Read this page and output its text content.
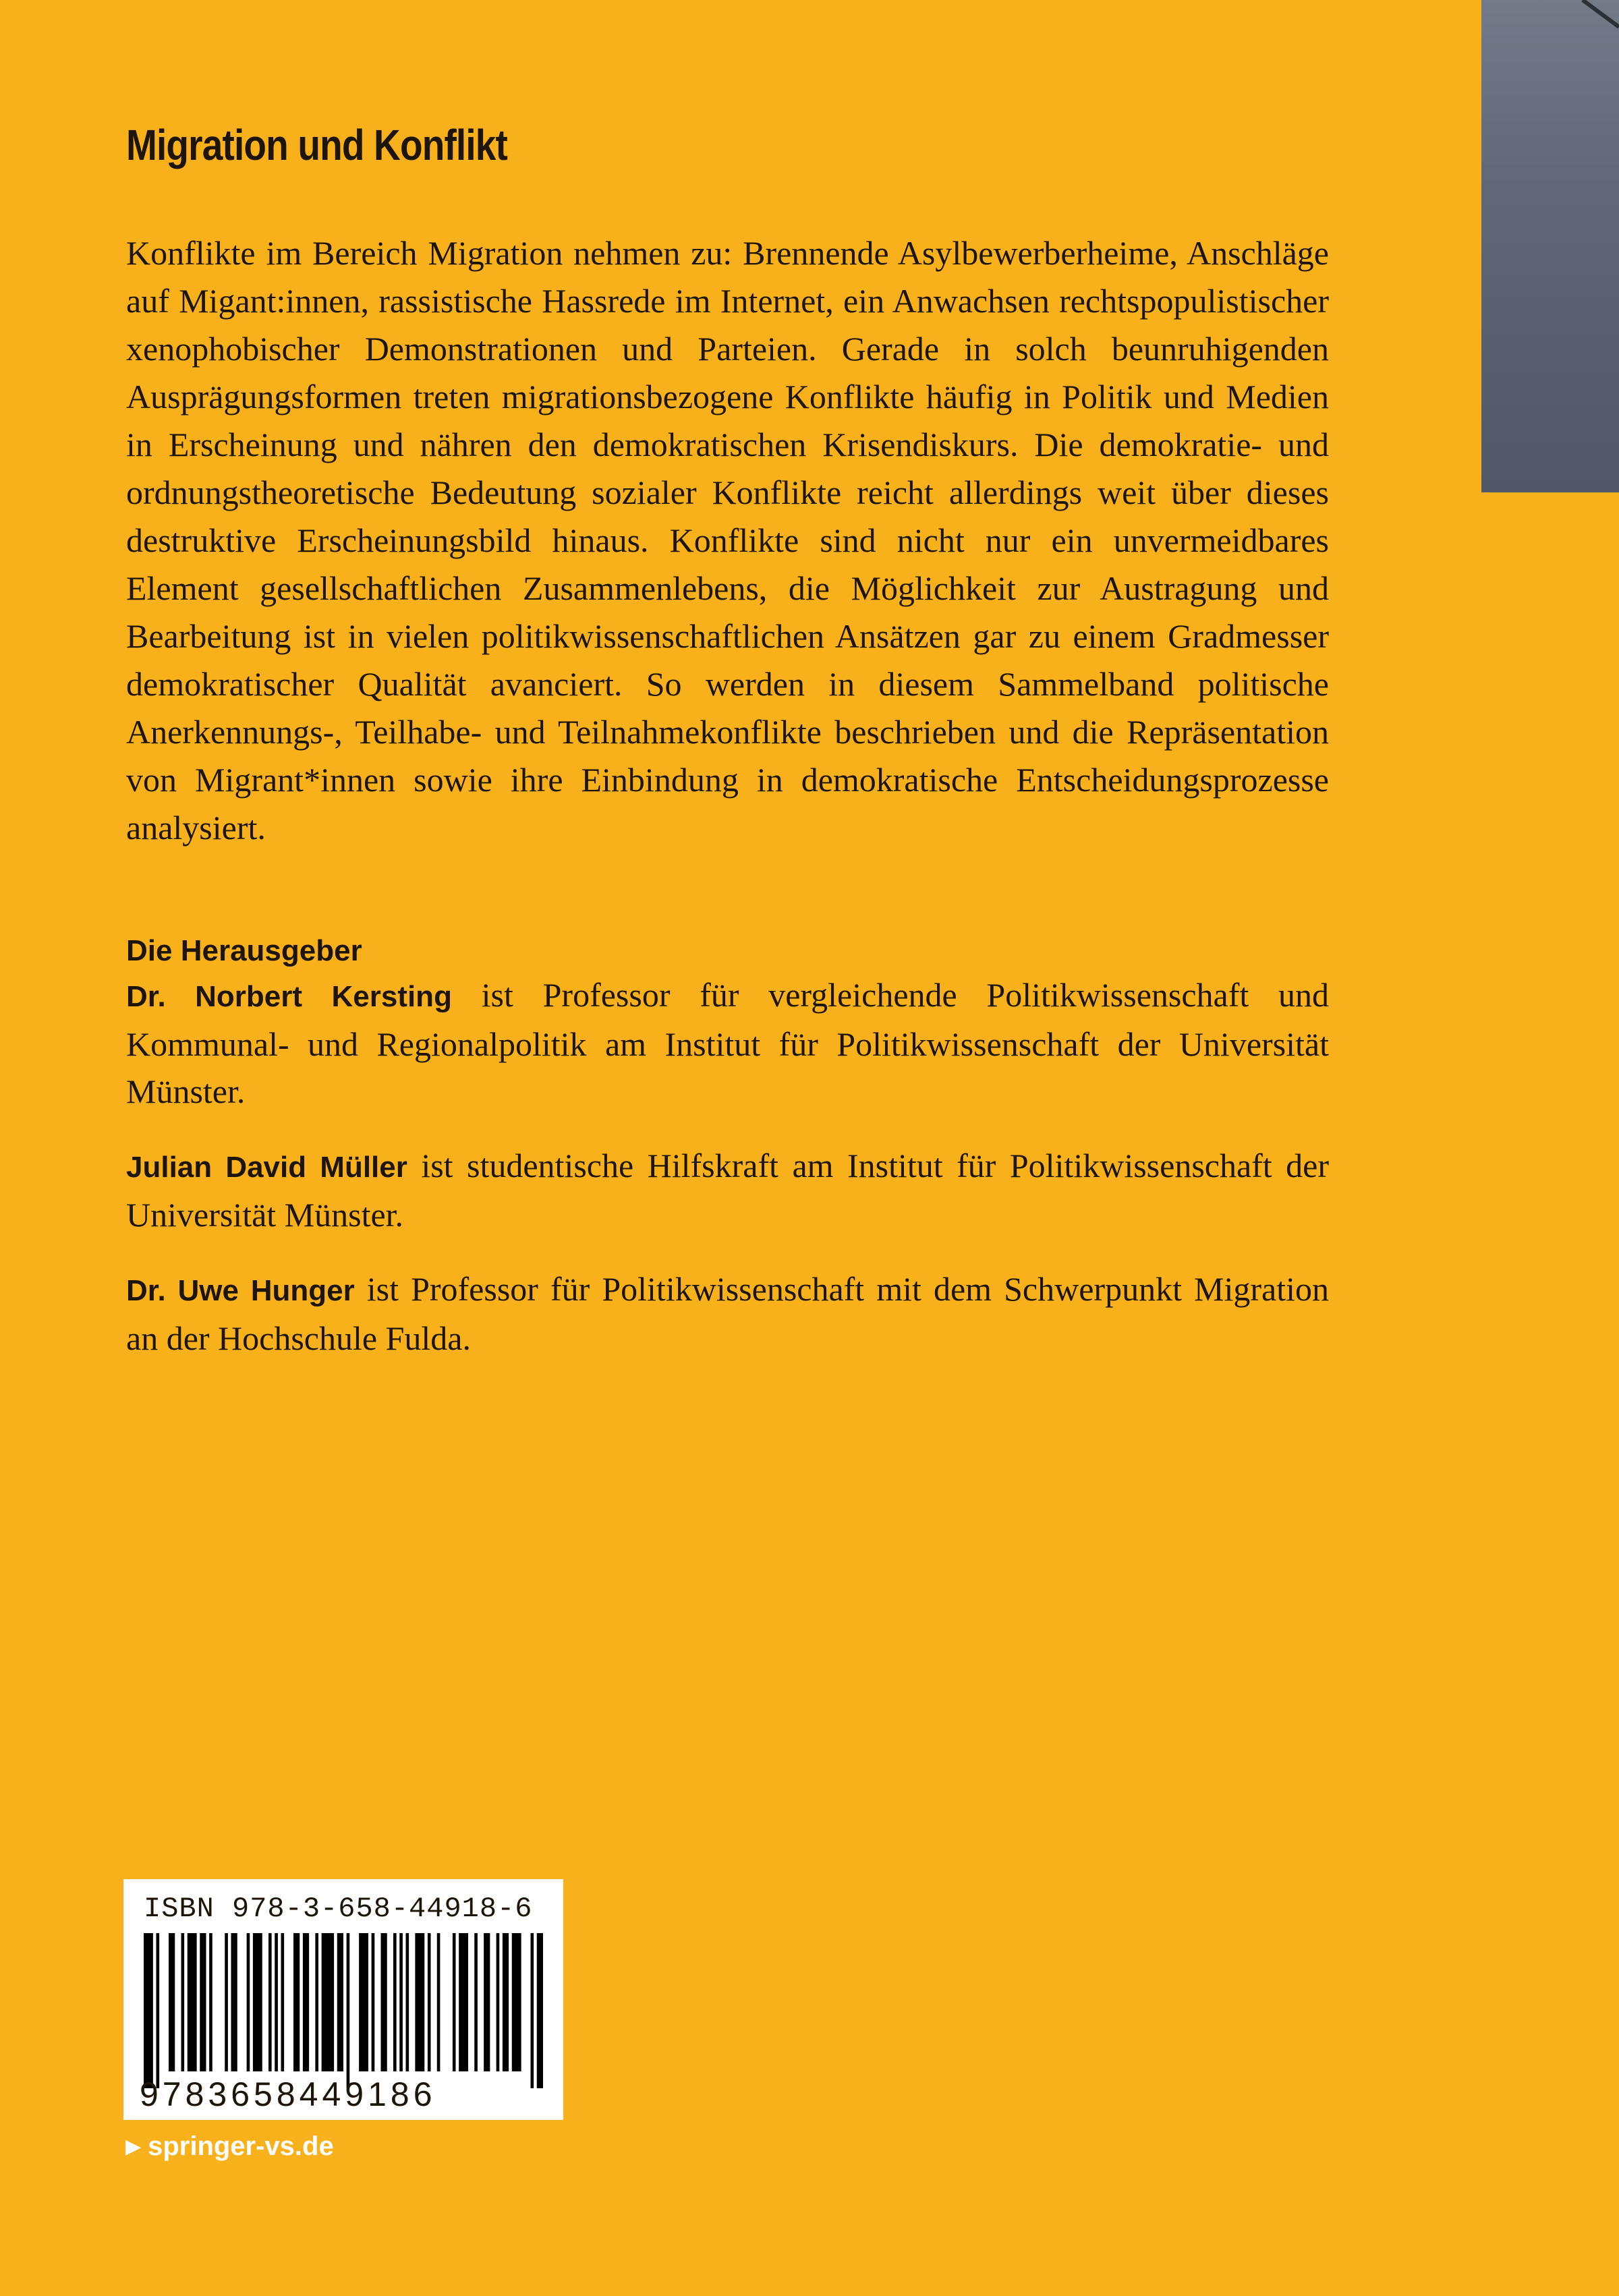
Migration und Konflikt

Konflikte im Bereich Migration nehmen zu: Brennende Asylbewerberheime, Anschläge auf Migant:innen, rassistische Hassrede im Internet, ein Anwachsen rechtspopulistischer xenophobischer Demonstrationen und Parteien. Gerade in solch beunruhigenden Ausprägungsformen treten migrationsbezogene Konflikte häufig in Politik und Medien in Erscheinung und nähren den demokratischen Krisendiskurs. Die demokratie- und ordnungstheoretische Bedeutung sozialer Konflikte reicht allerdings weit über dieses destruktive Erscheinungsbild hinaus. Konflikte sind nicht nur ein unvermeidbares Element gesellschaftlichen Zusammenlebens, die Möglichkeit zur Austragung und Bearbeitung ist in vielen politikwissenschaftlichen Ansätzen gar zu einem Gradmesser demokratischer Qualität avanciert. So werden in diesem Sammelband politische Anerkennungs-, Teilhabe- und Teilnahmekonflikte beschrieben und die Repräsentation von Migrant*innen sowie ihre Einbindung in demokratische Entscheidungsprozesse analysiert.

Die Herausgeber

Dr. Norbert Kersting ist Professor für vergleichende Politikwissenschaft und Kommunal- und Regionalpolitik am Institut für Politikwissenschaft der Universität Münster.

Julian David Müller ist studentische Hilfskraft am Institut für Politikwissenschaft der Universität Münster.

Dr. Uwe Hunger ist Professor für Politikwissenschaft mit dem Schwerpunkt Migration an der Hochschule Fulda.

ISBN 978-3-658-44918-6
9783658449186
▶ springer-vs.de
